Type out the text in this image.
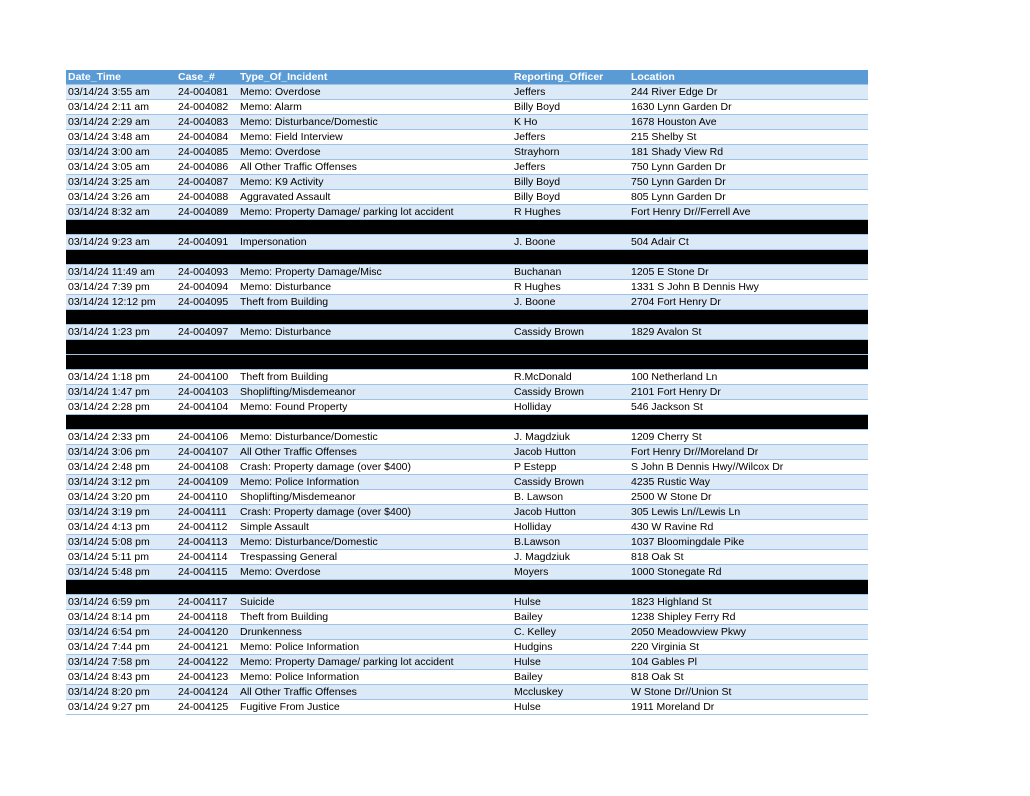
Date_Time	Case_#	Type_Of_Incident	Reporting_Officer	Location
03/14/24 3:55 am	24-004081	Memo: Overdose	Jeffers	244 River Edge Dr
03/14/24 2:11 am	24-004082	Memo: Alarm	Billy Boyd	1630 Lynn Garden Dr
03/14/24 2:29 am	24-004083	Memo: Disturbance/Domestic	K Ho	1678 Houston Ave
03/14/24 3:48 am	24-004084	Memo: Field Interview	Jeffers	215 Shelby St
03/14/24 3:00 am	24-004085	Memo: Overdose	Strayhorn	181 Shady View Rd
03/14/24 3:05 am	24-004086	All Other Traffic Offenses	Jeffers	750 Lynn Garden Dr
03/14/24 3:25 am	24-004087	Memo: K9 Activity	Billy Boyd	750 Lynn Garden Dr
03/14/24 3:26 am	24-004088	Aggravated Assault	Billy Boyd	805 Lynn Garden Dr
03/14/24 8:32 am	24-004089	Memo: Property Damage/ parking lot accident	R Hughes	Fort Henry Dr//Ferrell Ave

03/14/24 9:23 am	24-004091	Impersonation	J. Boone	504 Adair Ct

03/14/24 11:49 am	24-004093	Memo: Property Damage/Misc	Buchanan	1205 E Stone Dr
03/14/24 7:39 pm	24-004094	Memo: Disturbance	R Hughes	1331 S John B Dennis Hwy
03/14/24 12:12 pm	24-004095	Theft from Building	J. Boone	2704 Fort Henry Dr

03/14/24 1:23 pm	24-004097	Memo: Disturbance	Cassidy Brown	1829 Avalon St

03/14/24 1:18 pm	24-004100	Theft from Building	R.McDonald	100 Netherland Ln
03/14/24 1:47 pm	24-004103	Shoplifting/Misdemeanor	Cassidy Brown	2101 Fort Henry Dr
03/14/24 2:28 pm	24-004104	Memo: Found Property	Holliday	546 Jackson St

03/14/24 2:33 pm	24-004106	Memo: Disturbance/Domestic	J. Magdziuk	1209 Cherry St
03/14/24 3:06 pm	24-004107	All Other Traffic Offenses	Jacob Hutton	Fort Henry Dr//Moreland Dr
03/14/24 2:48 pm	24-004108	Crash: Property damage (over $400)	P Estepp	S John B Dennis Hwy//Wilcox Dr
03/14/24 3:12 pm	24-004109	Memo: Police Information	Cassidy Brown	4235 Rustic Way
03/14/24 3:20 pm	24-004110	Shoplifting/Misdemeanor	B. Lawson	2500 W Stone Dr
03/14/24 3:19 pm	24-004111	Crash: Property damage (over $400)	Jacob Hutton	305 Lewis Ln//Lewis Ln
03/14/24 4:13 pm	24-004112	Simple Assault	Holliday	430 W Ravine Rd
03/14/24 5:08 pm	24-004113	Memo: Disturbance/Domestic	B.Lawson	1037 Bloomingdale Pike
03/14/24 5:11 pm	24-004114	Trespassing General	J. Magdziuk	818 Oak St
03/14/24 5:48 pm	24-004115	Memo: Overdose	Moyers	1000 Stonegate Rd

03/14/24 6:59 pm	24-004117	Suicide	Hulse	1823 Highland St
03/14/24 8:14 pm	24-004118	Theft from Building	Bailey	1238 Shipley Ferry Rd
03/14/24 6:54 pm	24-004120	Drunkenness	C. Kelley	2050 Meadowview Pkwy
03/14/24 7:44 pm	24-004121	Memo: Police Information	Hudgins	220 Virginia St
03/14/24 7:58 pm	24-004122	Memo: Property Damage/ parking lot accident	Hulse	104 Gables Pl
03/14/24 8:43 pm	24-004123	Memo: Police Information	Bailey	818 Oak St
03/14/24 8:20 pm	24-004124	All Other Traffic Offenses	Mccluskey	W Stone Dr//Union St
03/14/24 9:27 pm	24-004125	Fugitive From Justice	Hulse	1911 Moreland Dr
